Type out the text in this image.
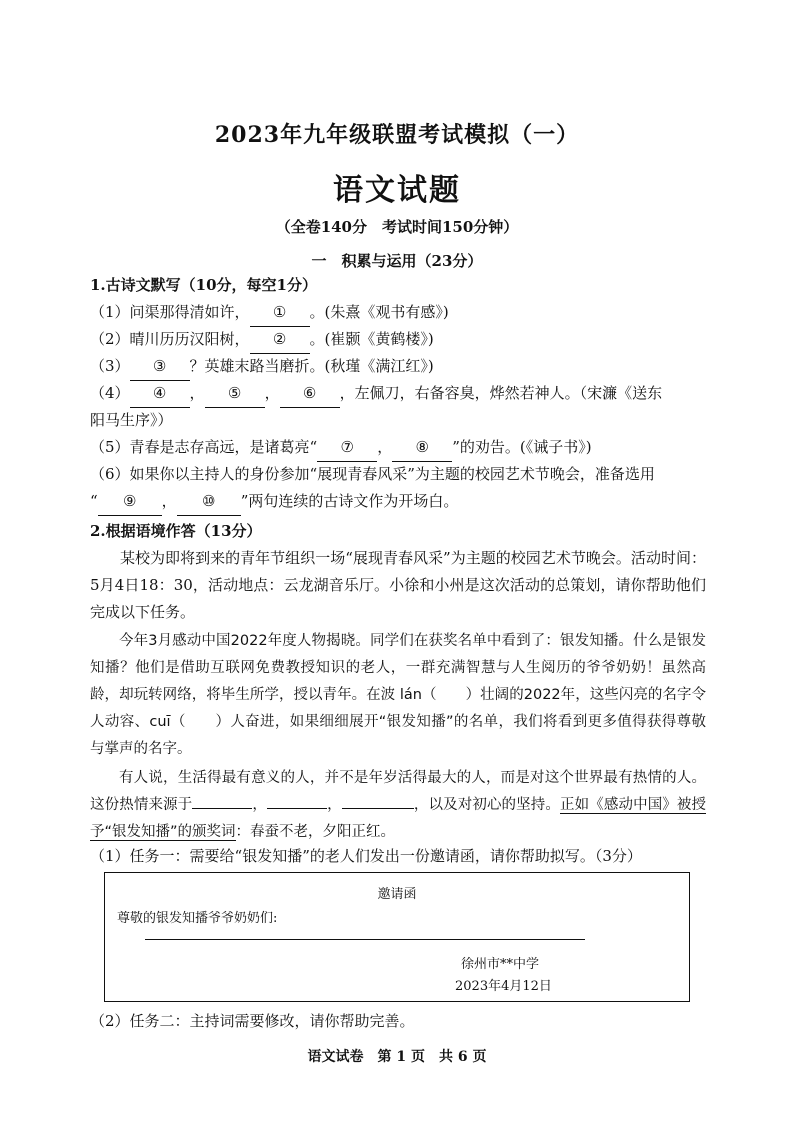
2023年九年级联盟考试模拟（一）
语文试题
（全卷140分　考试时间150分钟）
一　积累与运用（23分）
1.古诗文默写（10分，每空1分）
（1）问渠那得清如许， ① 。(朱熹《观书有感》)
（2）晴川历历汉阳树， ② 。(崔颢《黄鹤楼》)
（3） ③ ？英雄末路当磨折。(秋瑾《满江红》)
（4） ④ ， ⑤ ， ⑥ ，左佩刀，右备容臭，烨然若神人。（宋濂《送东
阳马生序》）
（5）青春是志存高远，是诸葛亮“ ⑦ ， ⑧ ”的劝告。(《诫子书》)
（6）如果你以主持人的身份参加“展现青春风采”为主题的校园艺术节晚会，准备选用
“ ⑨ ， ⑩ ”两句连续的古诗文作为开场白。
2.根据语境作答（13分）
某校为即将到来的青年节组织一场“展现青春风采”为主题的校园艺术节晚会。活动时间：5月4日18：30，活动地点：云龙湖音乐厅。小徐和小州是这次活动的总策划，请你帮助他们完成以下任务。
今年3月感动中国2022年度人物揭晓。同学们在获奖名单中看到了：银发知播。什么是银发知播？他们是借助互联网免费教授知识的老人，一群充满智慧与人生阅历的爷爷奶奶！虽然高龄，却玩转网络，将毕生所学，授以青年。在波 lán（　　）壮阔的2022年，这些闪亮的名字令人动容、cuī（　　）人奋进，如果细细展开“银发知播”的名单，我们将看到更多值得获得尊敬与掌声的名字。
有人说，生活得最有意义的人，并不是年岁活得最大的人，而是对这个世界最有热情的人。这份热情来源于	，	，	，以及对初心的坚持。正如《感动中国》被授予“银发知播”的颁奖词：春蚕不老，夕阳正红。
（1）任务一：需要给“银发知播”的老人们发出一份邀请函，请你帮助拟写。（3分）
邀请函
尊敬的银发知播爷爷奶奶们:
徐州市**中学
2023年4月12日
（2）任务二：主持词需要修改，请你帮助完善。
语文试卷　第 1 页　共 6 页
